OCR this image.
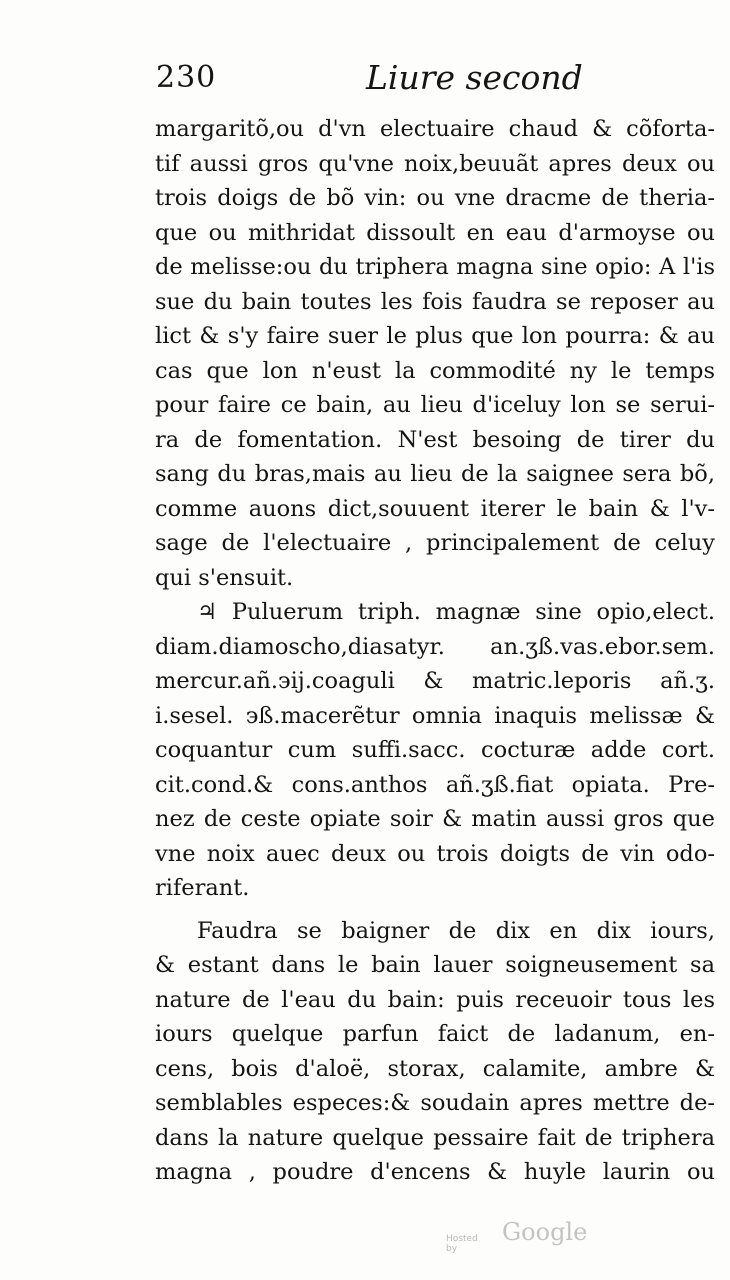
230	Liure second
margaritõ,ou d'vn electuaire chaud & cõforta-
tif aussi gros qu'vne noix,beuuãt apres deux ou
trois doigs de bõ vin: ou vne dracme de theria-
que ou mithridat dissoult en eau d'armoyse ou
de melisse:ou du triphera magna sine opio: A l'is
sue du bain toutes les fois faudra se reposer au
lict & s'y faire suer le plus que lon pourra: & au
cas que lon n'eust la commodité ny le temps
pour faire ce bain, au lieu d'iceluy lon se serui-
ra de fomentation. N'est besoing de tirer du
sang du bras,mais au lieu de la saignee sera bõ,
comme auons dict,souuent iterer le bain & l'v-
sage de l'electuaire , principalement de celuy
qui s'ensuit.
♃ Puluerum triph. magnæ sine opio,elect.
diam.diamoscho,diasatyr. an.ʒß.vas.ebor.sem.
mercur.añ.϶ij.coaguli & matric.leporis añ.ʒ.
i.sesel. ϶ß.macerẽtur omnia inaquis melissæ &
coquantur cum suffi.sacc. cocturæ adde cort.
cit.cond.& cons.anthos añ.ʒß.fiat opiata. Pre-
nez de ceste opiate soir & matin aussi gros que
vne noix auec deux ou trois doigts de vin odo-
riferant.
Faudra se baigner de dix en dix iours,
& estant dans le bain lauer soigneusement sa
nature de l'eau du bain: puis receuoir tous les
iours quelque parfun faict de ladanum, en-
cens, bois d'aloë, storax, calamite, ambre &
semblables especes:& soudain apres mettre de-
dans la nature quelque pessaire fait de triphera
magna , poudre d'encens & huyle laurin ou
Hosted by
Google
